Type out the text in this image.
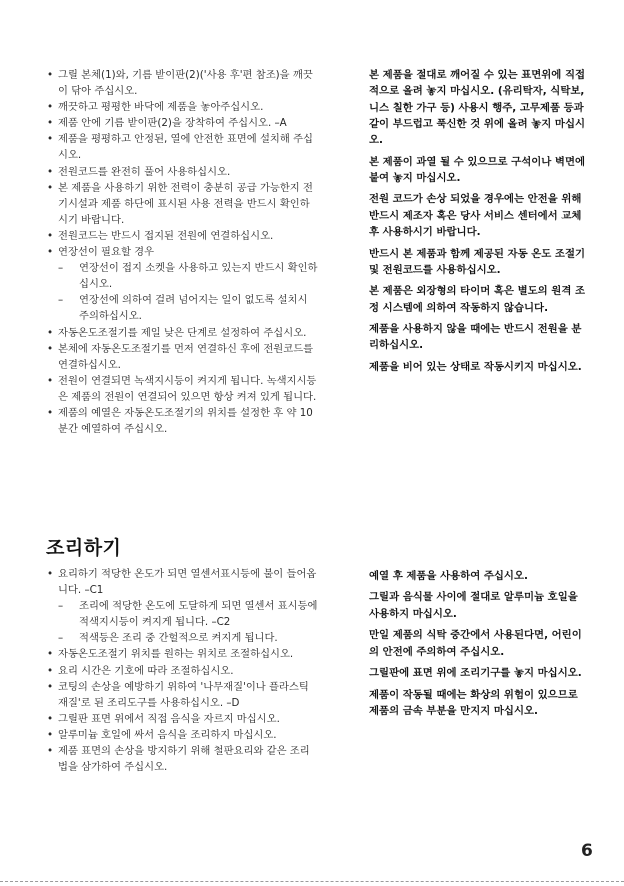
• 그릴 본체(1)와, 기름 받이판(2)('사용 후'편 참조)을 깨끗이 닦아 주십시오.
• 깨끗하고 평평한 바닥에 제품을 놓아주십시오.
• 제품 안에 기름 받이판(2)을 장착하여 주십시오. –A
• 제품을 평평하고 안정된, 열에 안전한 표면에 설치해 주십시오.
• 전원코드를 완전히 풀어 사용하십시오.
• 본 제품을 사용하기 위한 전력이 충분히 공급 가능한지 전기시설과 제품 하단에 표시된 사용 전력을 반드시 확인하시기 바랍니다.
• 전원코드는 반드시 접지된 전원에 연결하십시오.
• 연장선이 필요할 경우
– 연장선이 접지 소켓을 사용하고 있는지 반드시 확인하십시오.
– 연장선에 의하여 걸려 넘어지는 일이 없도록 설치시 주의하십시오.
• 자동온도조절기를 제일 낮은 단계로 설정하여 주십시오.
• 본체에 자동온도조절기를 먼저 연결하신 후에 전원코드를 연결하십시오.
• 전원이 연결되면 녹색지시등이 켜지게 됩니다. 녹색지시등은 제품의 전원이 연결되어 있으면 항상 켜져 있게 됩니다.
• 제품의 예열은 자동온도조절기의 위치를 설정한 후 약 10분간 예열하여 주십시오.

본 제품을 절대로 깨어질 수 있는 표면위에 직접적으로 올려 놓지 마십시오. (유리탁자, 식탁보, 니스 칠한 가구 등) 사용시 행주, 고무제품 등과 같이 부드럽고 푹신한 것 위에 올려 놓지 마십시오.

본 제품이 과열 될 수 있으므로 구석이나 벽면에 붙여 놓지 마십시오.

전원 코드가 손상 되었을 경우에는 안전을 위해 반드시 제조자 혹은 당사 서비스 센터에서 교체 후 사용하시기 바랍니다.

반드시 본 제품과 함께 제공된 자동 온도 조절기 및 전원코드를 사용하십시오.

본 제품은 외장형의 타이머 혹은 별도의 원격 조정 시스템에 의하여 작동하지 않습니다.

제품을 사용하지 않을 때에는 반드시 전원을 분리하십시오.

제품을 비어 있는 상태로 작동시키지 마십시오.

조리하기
• 요리하기 적당한 온도가 되면 열센서표시등에 불이 들어옵니다. –C1
– 조리에 적당한 온도에 도달하게 되면 열센서 표시등에 적색지시등이 켜지게 됩니다. –C2
– 적색등은 조리 중 간헐적으로 켜지게 됩니다.
• 자동온도조절기 위치를 원하는 위치로 조절하십시오.
• 요리 시간은 기호에 따라 조절하십시오.
• 코팅의 손상을 예방하기 위하여 '나무재질'이나 플라스틱 재질'로 된 조리도구를 사용하십시오. –D
• 그릴판 표면 위에서 직접 음식을 자르지 마십시오.
• 알루미늄 호일에 싸서 음식을 조리하지 마십시오.
• 제품 표면의 손상을 방지하기 위해 철판요리와 같은 조리법을 삼가하여 주십시오.

예열 후 제품을 사용하여 주십시오.

그릴과 음식물 사이에 절대로 알루미늄 호일을 사용하지 마십시오.

만일 제품의 식탁 중간에서 사용된다면, 어린이의 안전에 주의하여 주십시오.

그릴판에 표면 위에 조리기구를 놓지 마십시오.

제품이 작동될 때에는 화상의 위험이 있으므로 제품의 금속 부분을 만지지 마십시오.

6
